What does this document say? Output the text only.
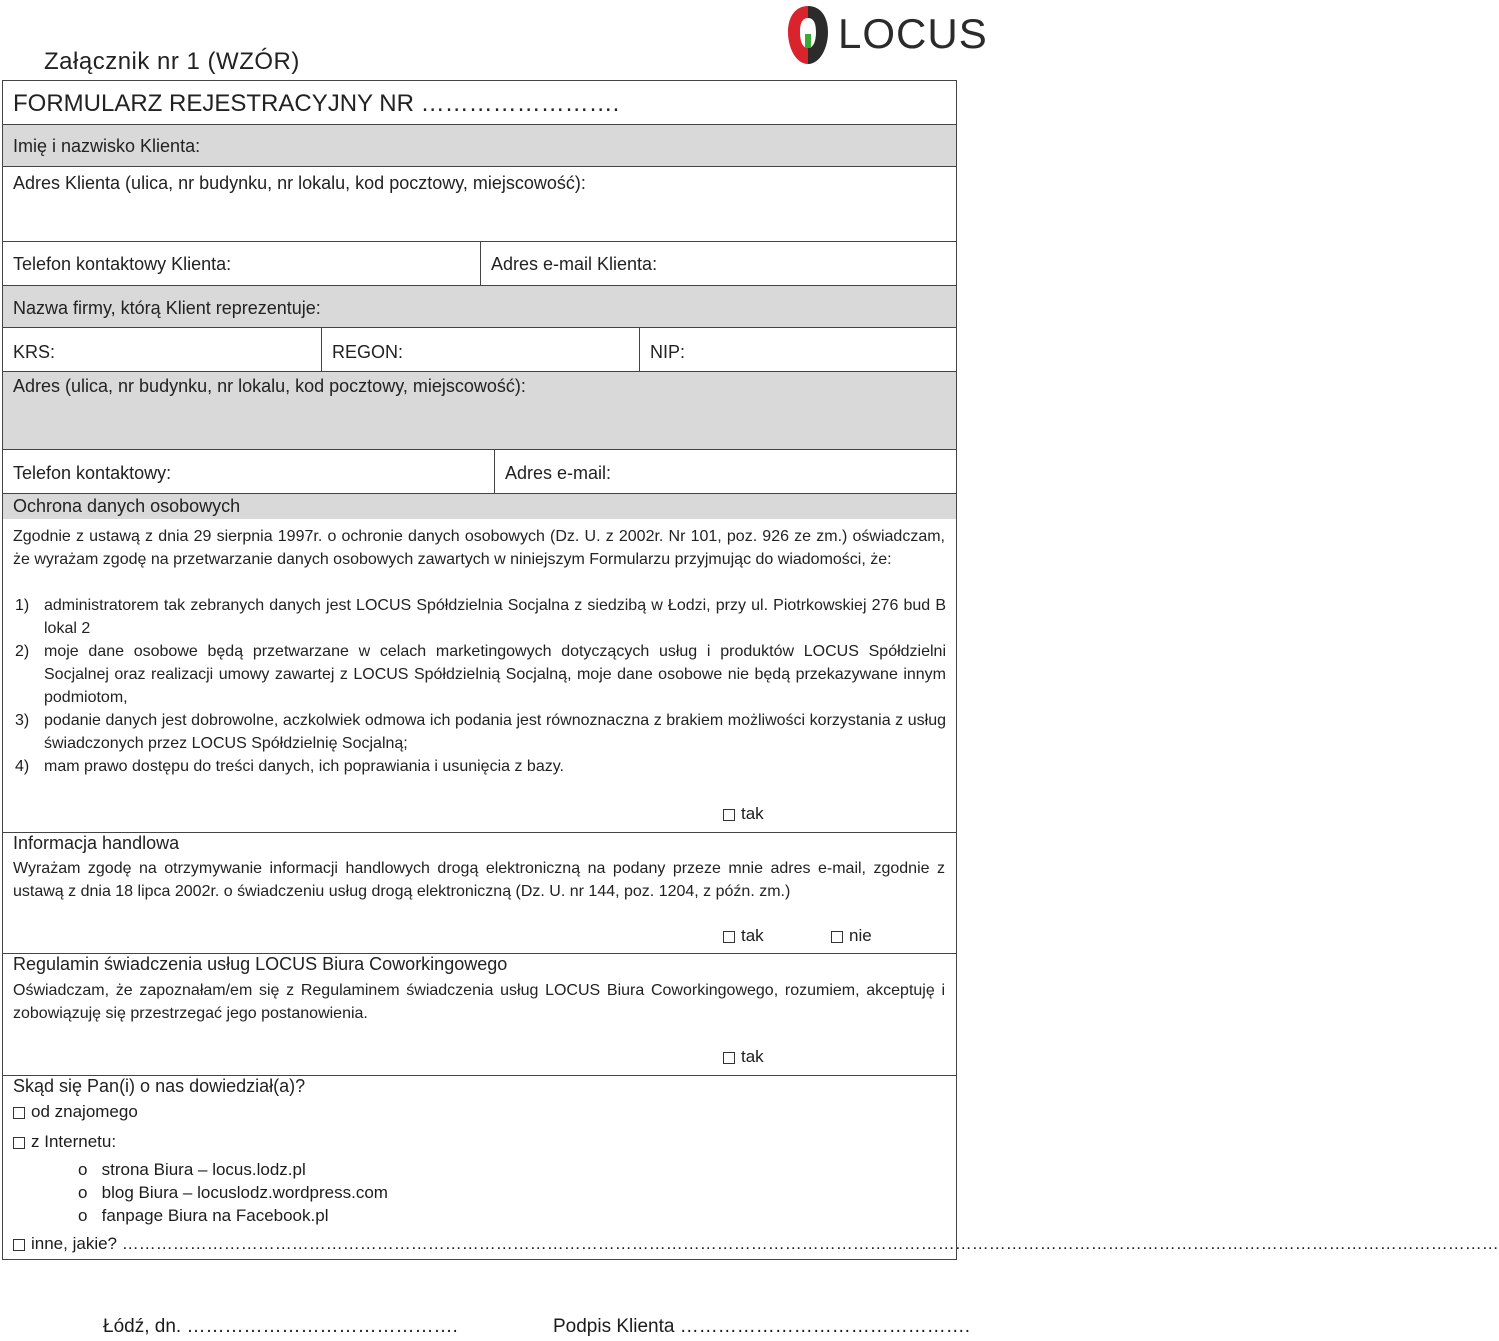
Załącznik nr 1 (WZÓR)
LOCUS
FORMULARZ REJESTRACYJNY NR …………………….
Imię i nazwisko Klienta:
Adres Klienta (ulica, nr budynku, nr lokalu, kod pocztowy, miejscowość):
Telefon kontaktowy Klienta:	Adres e-mail Klienta:
Nazwa firmy, którą Klient reprezentuje:
KRS:	REGON:	NIP:
Adres (ulica, nr budynku, nr lokalu, kod pocztowy, miejscowość):
Telefon kontaktowy:	Adres e-mail:
Ochrona danych osobowych
Zgodnie z ustawą z dnia 29 sierpnia 1997r. o ochronie danych osobowych (Dz. U. z 2002r. Nr 101, poz. 926 ze zm.) oświadczam, że wyrażam zgodę na przetwarzanie danych osobowych zawartych w niniejszym Formularzu przyjmując do wiadomości, że:
1) administratorem tak zebranych danych jest LOCUS Spółdzielnia Socjalna z siedzibą w Łodzi, przy ul. Piotrkowskiej 276 bud B lokal 2
2) moje dane osobowe będą przetwarzane w celach marketingowych dotyczących usług i produktów LOCUS Spółdzielni Socjalnej oraz realizacji umowy zawartej z LOCUS Spółdzielnią Socjalną, moje dane osobowe nie będą przekazywane innym podmiotom,
3) podanie danych jest dobrowolne, aczkolwiek odmowa ich podania jest równoznaczna z brakiem możliwości korzystania z usług świadczonych przez LOCUS Spółdzielnię Socjalną;
4) mam prawo dostępu do treści danych, ich poprawiania i usunięcia z bazy.
tak
Informacja handlowa
Wyrażam zgodę na otrzymywanie informacji handlowych drogą elektroniczną na podany przeze mnie adres e-mail, zgodnie z ustawą z dnia 18 lipca 2002r. o świadczeniu usług drogą elektroniczną (Dz. U. nr 144, poz. 1204, z późn. zm.)
tak	nie
Regulamin świadczenia usług LOCUS Biura Coworkingowego
Oświadczam, że zapoznałam/em się z Regulaminem świadczenia usług LOCUS Biura Coworkingowego, rozumiem, akceptuję i zobowiązuję się przestrzegać jego postanowienia.
tak
Skąd się Pan(i) o nas dowiedział(a)?
od znajomego
z Internetu:
o strona Biura – locus.lodz.pl
o blog Biura – locuslodz.wordpress.com
o fanpage Biura na Facebook.pl
inne, jakie? ………………………………………………………………………………………………………………………………………………………………………………………………………………………
Łódź, dn. …………………………………….	Podpis Klienta ……………………………………….
